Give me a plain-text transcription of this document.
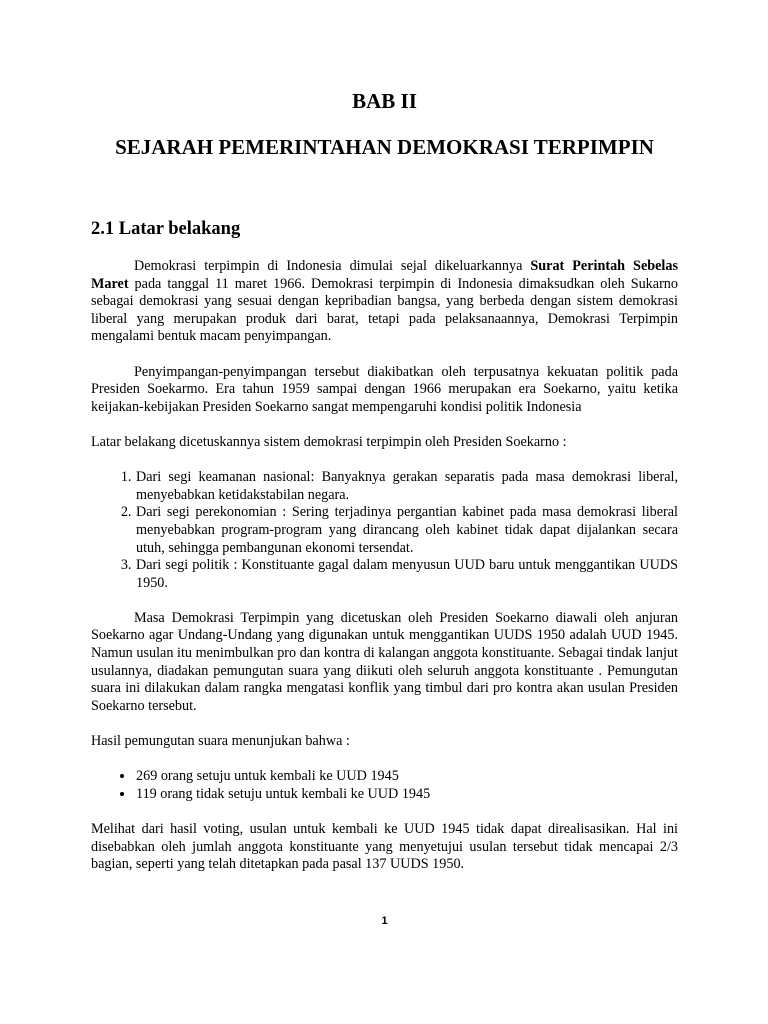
BAB II
SEJARAH PEMERINTAHAN DEMOKRASI TERPIMPIN
2.1 Latar belakang

Demokrasi terpimpin di Indonesia dimulai sejal dikeluarkannya Surat Perintah Sebelas Maret pada tanggal 11 maret 1966. Demokrasi terpimpin di Indonesia dimaksudkan oleh Sukarno sebagai demokrasi yang sesuai dengan kepribadian bangsa, yang berbeda dengan sistem demokrasi liberal yang merupakan produk dari barat, tetapi pada pelaksanaannya, Demokrasi Terpimpin mengalami bentuk macam penyimpangan.

Penyimpangan-penyimpangan tersebut diakibatkan oleh terpusatnya kekuatan politik pada Presiden Soekarmo. Era tahun 1959 sampai dengan 1966 merupakan era Soekarno, yaitu ketika keijakan-kebijakan Presiden Soekarno sangat mempengaruhi kondisi politik Indonesia

Latar belakang dicetuskannya sistem demokrasi terpimpin oleh Presiden Soekarno :

1. Dari segi keamanan nasional: Banyaknya gerakan separatis pada masa demokrasi liberal, menyebabkan ketidakstabilan negara.
2. Dari segi perekonomian : Sering terjadinya pergantian kabinet pada masa demokrasi liberal menyebabkan program-program yang dirancang oleh kabinet tidak dapat dijalankan secara utuh, sehingga pembangunan ekonomi tersendat.
3. Dari segi politik : Konstituante gagal dalam menyusun UUD baru untuk menggantikan UUDS 1950.

Masa Demokrasi Terpimpin yang dicetuskan oleh Presiden Soekarno diawali oleh anjuran Soekarno agar Undang-Undang yang digunakan untuk menggantikan UUDS 1950 adalah UUD 1945. Namun usulan itu menimbulkan pro dan kontra di kalangan anggota konstituante. Sebagai tindak lanjut usulannya, diadakan pemungutan suara yang diikuti oleh seluruh anggota konstituante . Pemungutan suara ini dilakukan dalam rangka mengatasi konflik yang timbul dari pro kontra akan usulan Presiden Soekarno tersebut.

Hasil pemungutan suara menunjukan bahwa :

• 269 orang setuju untuk kembali ke UUD 1945
• 119 orang tidak setuju untuk kembali ke UUD 1945

Melihat dari hasil voting, usulan untuk kembali ke UUD 1945 tidak dapat direalisasikan. Hal ini disebabkan oleh jumlah anggota konstituante yang menyetujui usulan tersebut tidak mencapai 2/3 bagian, seperti yang telah ditetapkan pada pasal 137 UUDS 1950.

1
